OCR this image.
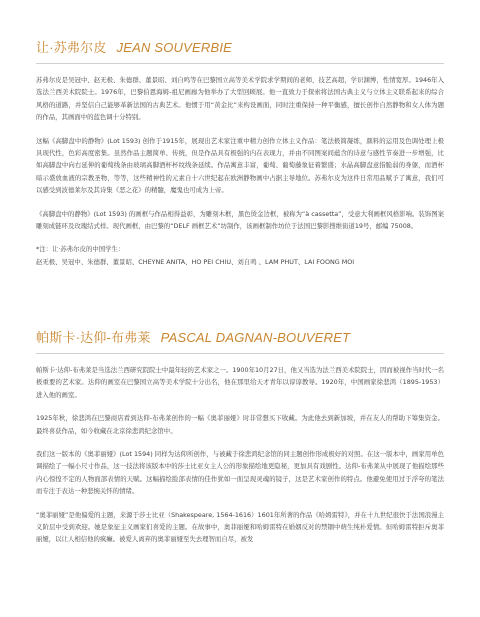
让·苏弗尔皮 JEAN SOUVERBIE

苏弗尔皮是吴冠中、赵无极、朱德群、董景昭、刘自鸣等在巴黎国立高等美术学院求学期间的老师，技艺高超，学识渊博，性情宽厚。1946年入选法兰西美术院院士。1976年，巴黎伯恩海姆-祖尼画廊为他举办了大型回顾展。他一直致力于探索将法国古典主义与立体主义联系起来的综合风格的道路，并坚信自己能够革新法国的古典艺术。他惯于用“黄金比”来构设画面，同时注重保持一种平衡感，擅长创作自然静物和女人体为题的作品，其画面中的蓝色调十分特别。

这幅《高脚盘中的静物》(Lot 1593) 创作于1915年，展现出艺术家注重中精力创作立体主义作品：笔法极简凝练，颜料的运用及色调处理上极具现代性，色彩高度密集。虽然作品主题简单、传统，但是作品具有极强的内在表现力，并由不同图案间蕴含的诗意与感性节奏进一步增强，比如高脚盘中向右延伸的葡萄线条由玻璃高脚酒杯杯纹线条延续。作品寓意丰富，葡萄、葡萄藤象征着繁盛；水晶高脚盘意指脆弱的身躯，而酒杯暗示盛放血液的宗教圣物，等等，这些精神性的元素自十六世纪起在欧洲静物画中占据主导地位。苏弗尔皮为这件日常用品赋予了寓意，我们可以感受到波德莱尔及其诗集《恶之花》的精髓，魔鬼也可成为上帝。

《高脚盘中的静物》(Lot 1593) 的画框与作品相得益彰，为雕刻木框，黑色烫金边框，被称为“à cassetta”，受意大利画框风格影响。装饰图案雕刻成链环及玫瑰结式样。现代画框，由巴黎的“DELF 画框艺术”坊制作，该画框制作坊位于法国巴黎影搜维街道19号，邮编 75008。

*注：让·苏弗尔皮的中国学生：

赵无极、吴冠中、朱德群、董景昭、CHEYNE ANITA、HO PEI CHIU、刘自鸣 、LAM PHUT、LAI FOONG MOI

帕斯卡·达仰-布弗莱 PASCAL DAGNAN-BOUVERET

帕斯卡·达仰-布弗莱是当选法兰西研究院院士中最年轻的艺术家之一。1900年10月27日，他又当选为法兰西美术院院士，因而被视作当时代一名极重要的艺术家。达仰的画室在巴黎国立高等美术学院十分出名，他在那里给天才青年以谆谆教导。1920年，中国画家徐悲鸿（1895-1953）进入他的画室。

1925年秋，徐悲鸿在巴黎商店看到达仰-布弗莱创作的一幅《奥菲丽娅》时非常想买下收藏。为此他去到新加坡，并在友人的帮助下筹集资金。最终喜获作品，如今收藏在北京徐悲鸿纪念馆中。

我们这一版本的《奥菲丽娅》(Lot 1594) 同样为达仰所创作，与被藏于徐悲鸿纪念馆的同主题创作形成极好的对照。在这一版本中，画家用单色调描绘了一幅小尺寸作品，这一技法将该版本中的莎士比亚女主人公的形象描绘地更隐秘，更加具有戏剧性。达仰-布弗莱从中展现了他描绘那些内心惊惶不定的人物面部表情的天赋。这幅描绘脸部表情的佳作犹如一面呈现灵魂的镜子，这是艺术家创作的特点。他避免使用过于浮夸的笔法而专注于表达一种悲惋关怀的情绪。

“奥菲丽娅”是他偏爱的主题，来源于莎士比亚（Shakespeare, 1564-1616）1601年所著的作品《哈姆雷特》，并在十九世纪很快于法国浪漫主义阶层中受到欢迎。她是象征主义画家们喜爱的主题。在故事中，奥菲丽娅和哈姆雷特在婚姻反对的禁锢中萌生纯朴爱情。但哈姆雷特拒斥奥菲丽娅，以让人相信他的疯癫。被爱人离弃的奥菲丽娅至失去理智而自尽，被发
